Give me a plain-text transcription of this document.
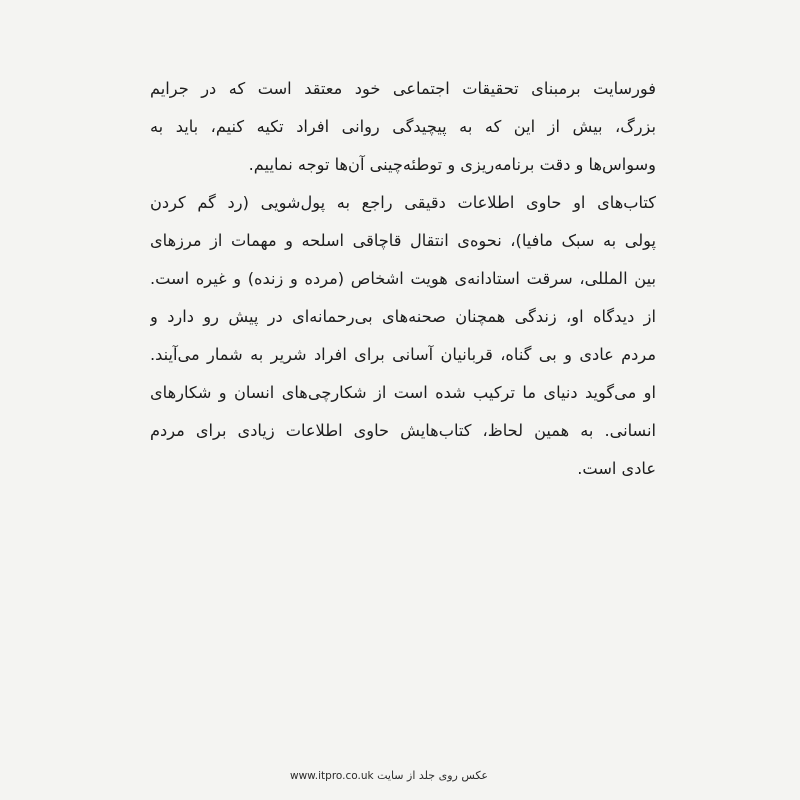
فورسایت برمبنای تحقیقات اجتماعی خود معتقد است که در جرایم
بزرگ، بیش از این که به پیچیدگی روانی افراد تکیه کنیم، باید به
وسواس‌ها و دقت برنامه‌ریزی و توطئه‌چینی آن‌ها توجه نماییم.
کتاب‌های او حاوی اطلاعات دقیقی راجع به پول‌شویی (رد گم کردن
پولی به سبک مافیا)، نحوه‌ی انتقال قاچاقی اسلحه و مهمات از مرزهای
بین المللی، سرقت استادانه‌ی هویت اشخاص (مرده و زنده) و غیره است.
از دیدگاه او، زندگی همچنان صحنه‌های بی‌رحمانه‌ای در پیش رو دارد و
مردم عادی و بی گناه، قربانیان آسانی برای افراد شریر به شمار می‌آیند.
او می‌گوید دنیای ما ترکیب شده است از شکارچی‌های انسان و شکارهای
انسانی. به همین لحاظ، کتاب‌هایش حاوی اطلاعات زیادی برای مردم
عادی است.
عکس روی جلد از سایت www.itpro.co.uk
